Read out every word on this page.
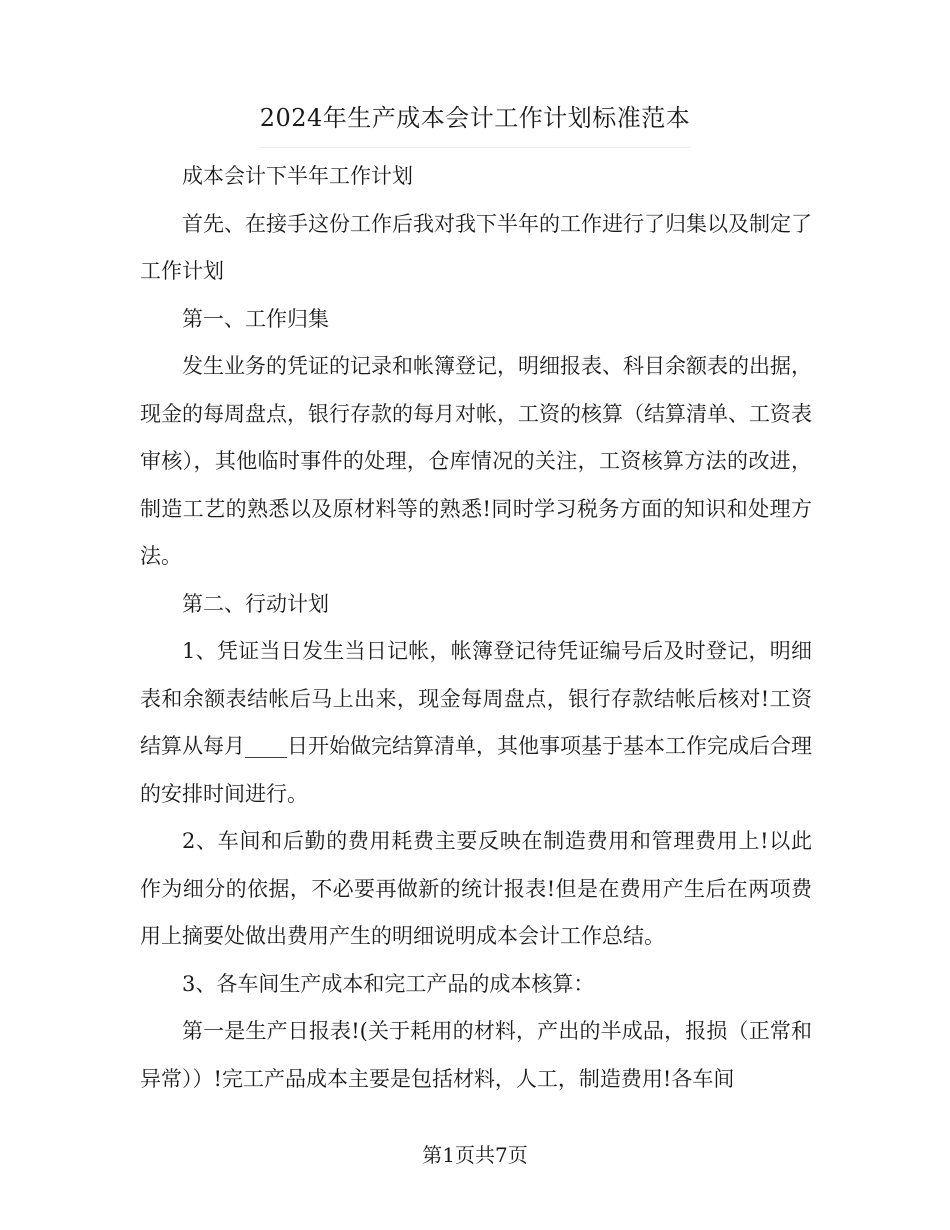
2024年生产成本会计工作计划标准范本

成本会计下半年工作计划

首先、在接手这份工作后我对我下半年的工作进行了归集以及制定了工作计划

第一、工作归集

发生业务的凭证的记录和帐簿登记，明细报表、科目余额表的出据，现金的每周盘点，银行存款的每月对帐，工资的核算（结算清单、工资表审核），其他临时事件的处理，仓库情况的关注，工资核算方法的改进，制造工艺的熟悉以及原材料等的熟悉!同时学习税务方面的知识和处理方法。

第二、行动计划

1、凭证当日发生当日记帐，帐簿登记待凭证编号后及时登记，明细表和余额表结帐后马上出来，现金每周盘点，银行存款结帐后核对!工资结算从每月____日开始做完结算清单，其他事项基于基本工作完成后合理的安排时间进行。

2、车间和后勤的费用耗费主要反映在制造费用和管理费用上!以此作为细分的依据，不必要再做新的统计报表!但是在费用产生后在两项费用上摘要处做出费用产生的明细说明成本会计工作总结。

3、各车间生产成本和完工产品的成本核算：

第一是生产日报表!(关于耗用的材料，产出的半成品，报损（正常和异常））!完工产品成本主要是包括材料，人工，制造费用!各车间

第1页共7页
